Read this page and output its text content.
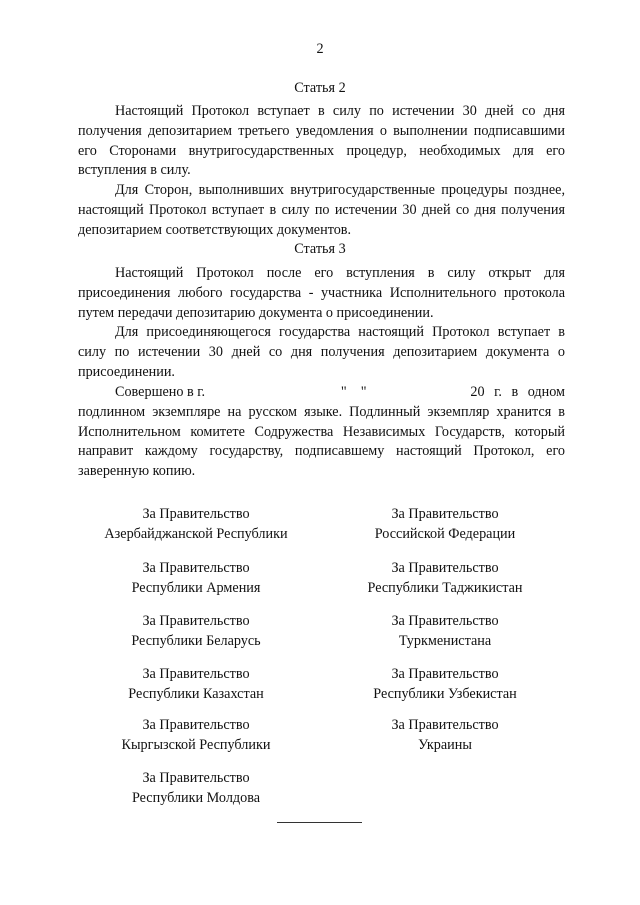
2
Статья 2

Настоящий Протокол вступает в силу по истечении 30 дней со дня получения депозитарием третьего уведомления о выполнении подписавшими его Сторонами внутригосударственных процедур, необходимых для его вступления в силу.

Для Сторон, выполнивших внутригосударственные процедуры позднее, настоящий Протокол вступает в силу по истечении 30 дней со дня получения депозитарием соответствующих документов.

Статья 3

Настоящий Протокол после его вступления в силу открыт для присоединения любого государства - участника Исполнительного протокола путем передачи депозитарию документа о присоединении.

Для присоединяющегося государства настоящий Протокол вступает в силу по истечении 30 дней со дня получения депозитарием документа о присоединении.

Совершено в г.	" "	20 г. в одном
подлинном экземпляре на русском языке. Подлинный экземпляр хранится в Исполнительном комитете Содружества Независимых Государств, который направит каждому государству, подписавшему настоящий Протокол, его заверенную копию.
За Правительство
Азербайджанской Республики
За Правительство
Республики Армения
За Правительство
Республики Беларусь
За Правительство
Республики Казахстан
За Правительство
Кыргызской Республики
За Правительство
Республики Молдова
За Правительство
Российской Федерации
За Правительство
Республики Таджикистан
За Правительство
Туркменистана
За Правительство
Республики Узбекистан
За Правительство
Украины
